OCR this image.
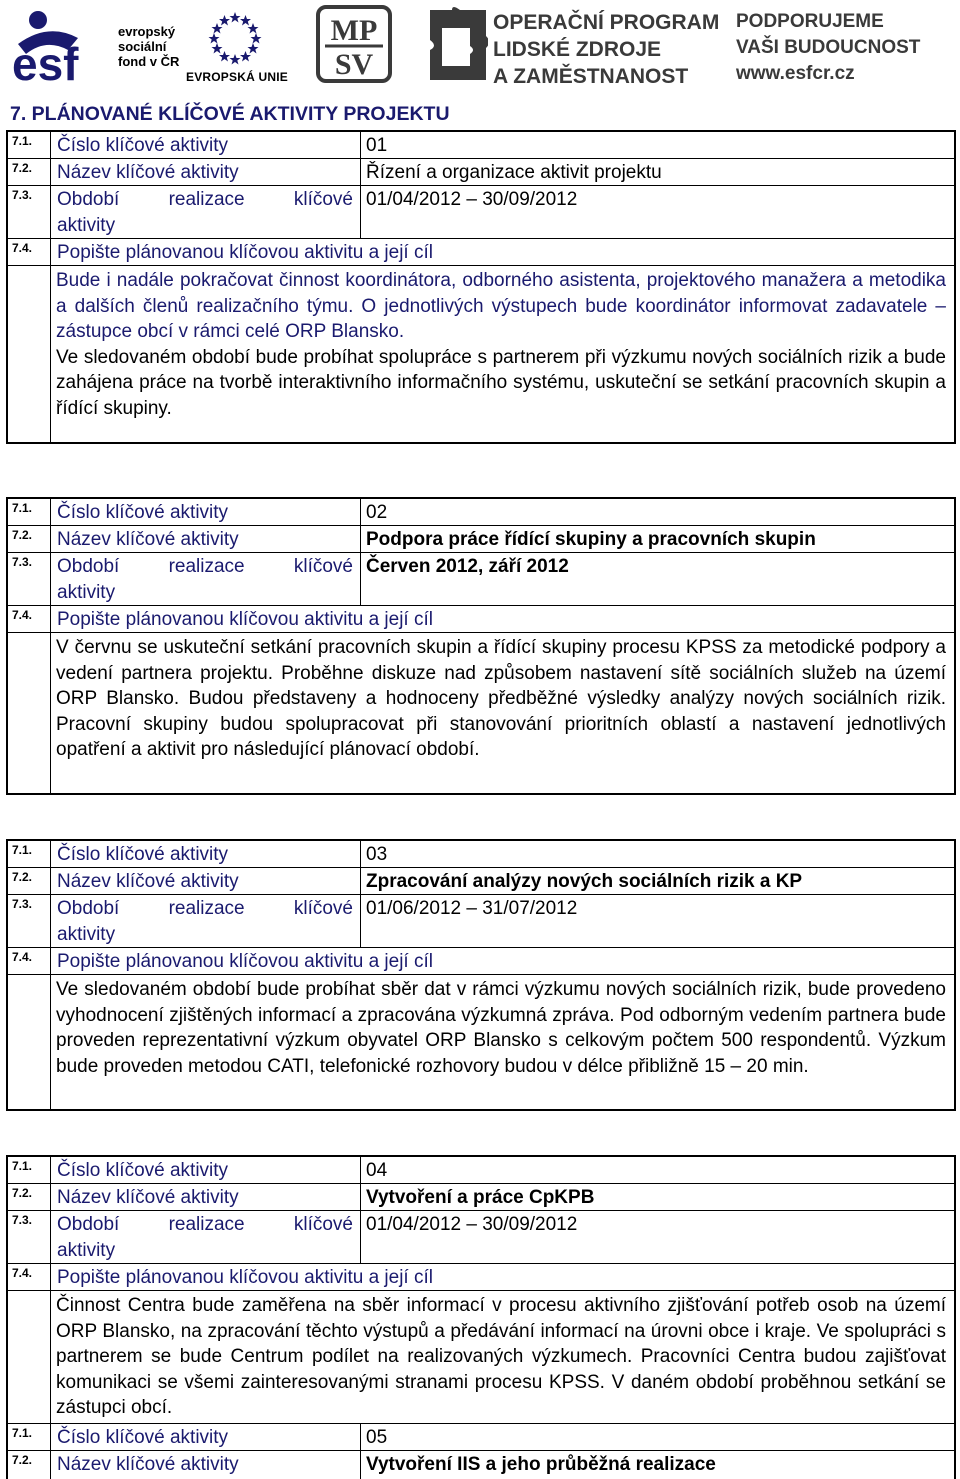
esf
evropský
sociální
fond v ČR
EVROPSKÁ UNIE
MP
SV
OPERAČNÍ PROGRAM
LIDSKÉ ZDROJE
A ZAMĚSTNANOST
PODPORUJEME
VAŠI BUDOUCNOST
www.esfcr.cz
7. PLÁNOVANÉ KLÍČOVÉ AKTIVITY PROJEKTU
7.1. Číslo klíčové aktivity	01
7.2. Název klíčové aktivity	Řízení a organizace aktivit projektu
7.3. Období realizace klíčové
aktivity
01/04/2012 – 30/09/2012
7.4. Popište plánovanou klíčovou aktivitu a její cíl
Bude i nadále pokračovat činnost koordinátora, odborného asistenta, projektového manažera a metodika a dalších členů realizačního týmu. O jednotlivých výstupech bude koordinátor informovat zadavatele – zástupce obcí v rámci celé ORP Blansko.
Ve sledovaném období bude probíhat spolupráce s partnerem při výzkumu nových sociálních rizik a bude zahájena práce na tvorbě interaktivního informačního systému, uskuteční se setkání pracovních skupin a řídící skupiny.
7.1. Číslo klíčové aktivity	02
7.2. Název klíčové aktivity	Podpora práce řídící skupiny a pracovních skupin
7.3. Období realizace klíčové
aktivity
Červen 2012, září 2012
7.4. Popište plánovanou klíčovou aktivitu a její cíl
V červnu se uskuteční setkání pracovních skupin a řídící skupiny procesu KPSS za metodické podpory a vedení partnera projektu. Proběhne diskuze nad způsobem nastavení sítě sociálních služeb na území ORP Blansko. Budou představeny a hodnoceny předběžné výsledky analýzy nových sociálních rizik. Pracovní skupiny budou spolupracovat při stanovování prioritních oblastí a nastavení jednotlivých opatření a aktivit pro následující plánovací období.
7.1. Číslo klíčové aktivity	03
7.2. Název klíčové aktivity	Zpracování analýzy nových sociálních rizik a KP
7.3. Období realizace klíčové
aktivity
01/06/2012 – 31/07/2012
7.4. Popište plánovanou klíčovou aktivitu a její cíl
Ve sledovaném období bude probíhat sběr dat v rámci výzkumu nových sociálních rizik, bude provedeno vyhodnocení zjištěných informací a zpracována výzkumná zpráva. Pod odborným vedením partnera bude proveden reprezentativní výzkum obyvatel ORP Blansko s celkovým počtem 500 respondentů. Výzkum bude proveden metodou CATI, telefonické rozhovory budou v délce přibližně 15 – 20 min.
7.1. Číslo klíčové aktivity	04
7.2. Název klíčové aktivity	Vytvoření a práce CpKPB
7.3. Období realizace klíčové
aktivity
01/04/2012 – 30/09/2012
7.4. Popište plánovanou klíčovou aktivitu a její cíl
Činnost Centra bude zaměřena na sběr informací v procesu aktivního zjišťování potřeb osob na území ORP Blansko, na zpracování těchto výstupů a předávání informací na úrovni obce i kraje. Ve spolupráci s partnerem se bude Centrum podílet na realizovaných výzkumech. Pracovníci Centra budou zajišťovat komunikaci se všemi zainteresovanými stranami procesu KPSS. V daném období proběhnou setkání se zástupci obcí.
7.1. Číslo klíčové aktivity	05
7.2. Název klíčové aktivity	Vytvoření IIS a jeho průběžná realizace
